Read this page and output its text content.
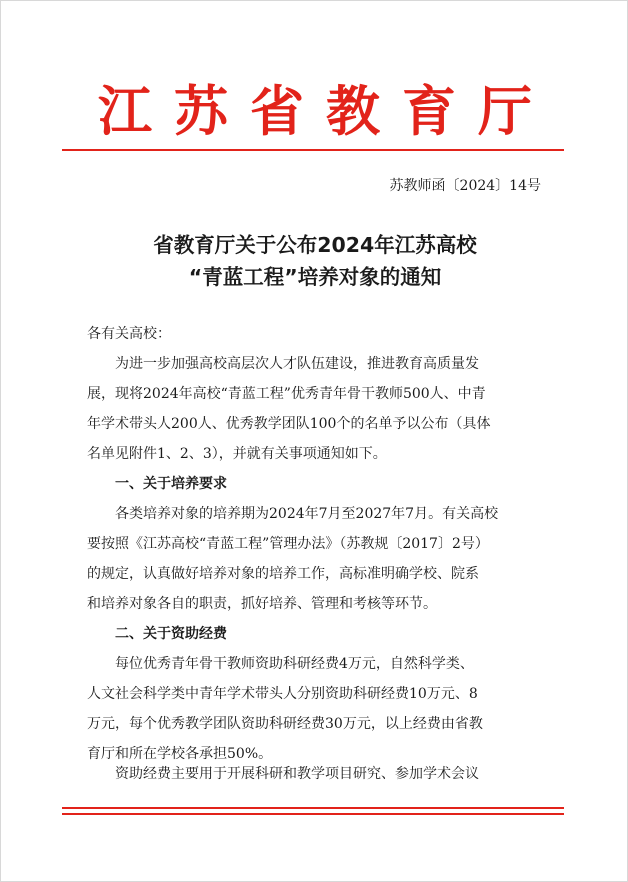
江苏省教育厅
苏教师函〔2024〕14号
省教育厅关于公布2024年江苏高校
“青蓝工程”培养对象的通知
各有关高校：
为进一步加强高校高层次人才队伍建设，推进教育高质量发
展，现将2024年高校“青蓝工程”优秀青年骨干教师500人、中青
年学术带头人200人、优秀教学团队100个的名单予以公布（具体
名单见附件1、2、3），并就有关事项通知如下。
一、关于培养要求
各类培养对象的培养期为2024年7月至2027年7月。有关高校
要按照《江苏高校“青蓝工程”管理办法》（苏教规〔2017〕2号）
的规定，认真做好培养对象的培养工作，高标准明确学校、院系
和培养对象各自的职责，抓好培养、管理和考核等环节。
二、关于资助经费
每位优秀青年骨干教师资助科研经费4万元，自然科学类、
人文社会科学类中青年学术带头人分别资助科研经费10万元、8
万元，每个优秀教学团队资助科研经费30万元，以上经费由省教
育厅和所在学校各承担50%。
资助经费主要用于开展科研和教学项目研究、参加学术会议
